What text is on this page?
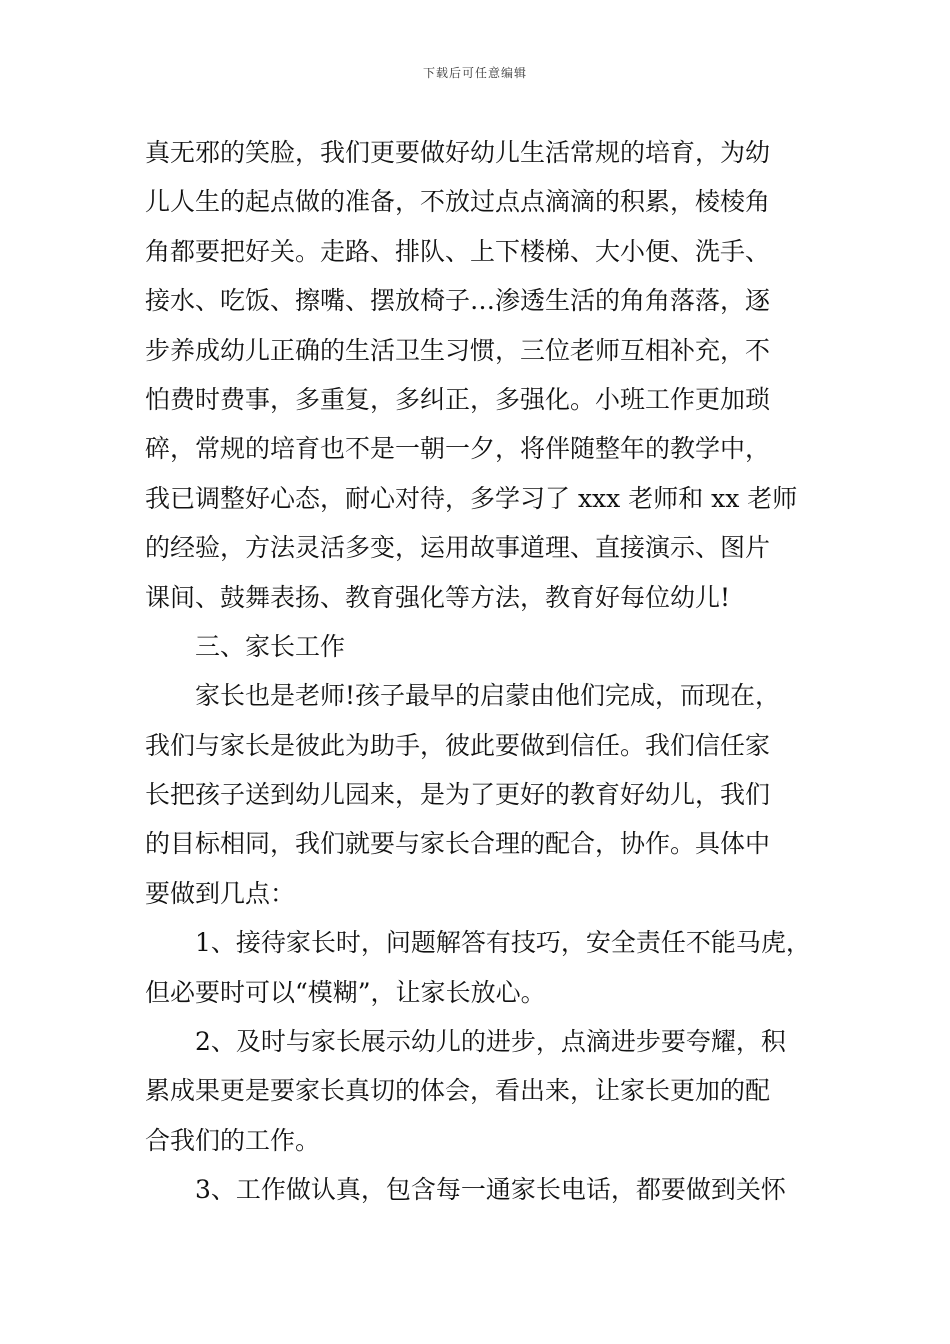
下载后可任意编辑
真无邪的笑脸，我们更要做好幼儿生活常规的培育，为幼
儿人生的起点做的准备，不放过点点滴滴的积累，棱棱角
角都要把好关。走路、排队、上下楼梯、大小便、洗手、
接水、吃饭、擦嘴、摆放椅子…渗透生活的角角落落，逐
步养成幼儿正确的生活卫生习惯，三位老师互相补充，不
怕费时费事，多重复，多纠正，多强化。小班工作更加琐
碎，常规的培育也不是一朝一夕，将伴随整年的教学中，
我已调整好心态，耐心对待，多学习了 xxx 老师和 xx 老师
的经验，方法灵活多变，运用故事道理、直接演示、图片
课间、鼓舞表扬、教育强化等方法，教育好每位幼儿!
三、家长工作
家长也是老师!孩子最早的启蒙由他们完成，而现在，
我们与家长是彼此为助手，彼此要做到信任。我们信任家
长把孩子送到幼儿园来，是为了更好的教育好幼儿，我们
的目标相同，我们就要与家长合理的配合，协作。具体中
要做到几点：
1、接待家长时，问题解答有技巧，安全责任不能马虎，
但必要时可以“模糊”，让家长放心。
2、及时与家长展示幼儿的进步，点滴进步要夸耀，积
累成果更是要家长真切的体会，看出来，让家长更加的配
合我们的工作。
3、工作做认真，包含每一通家长电话，都要做到关怀
